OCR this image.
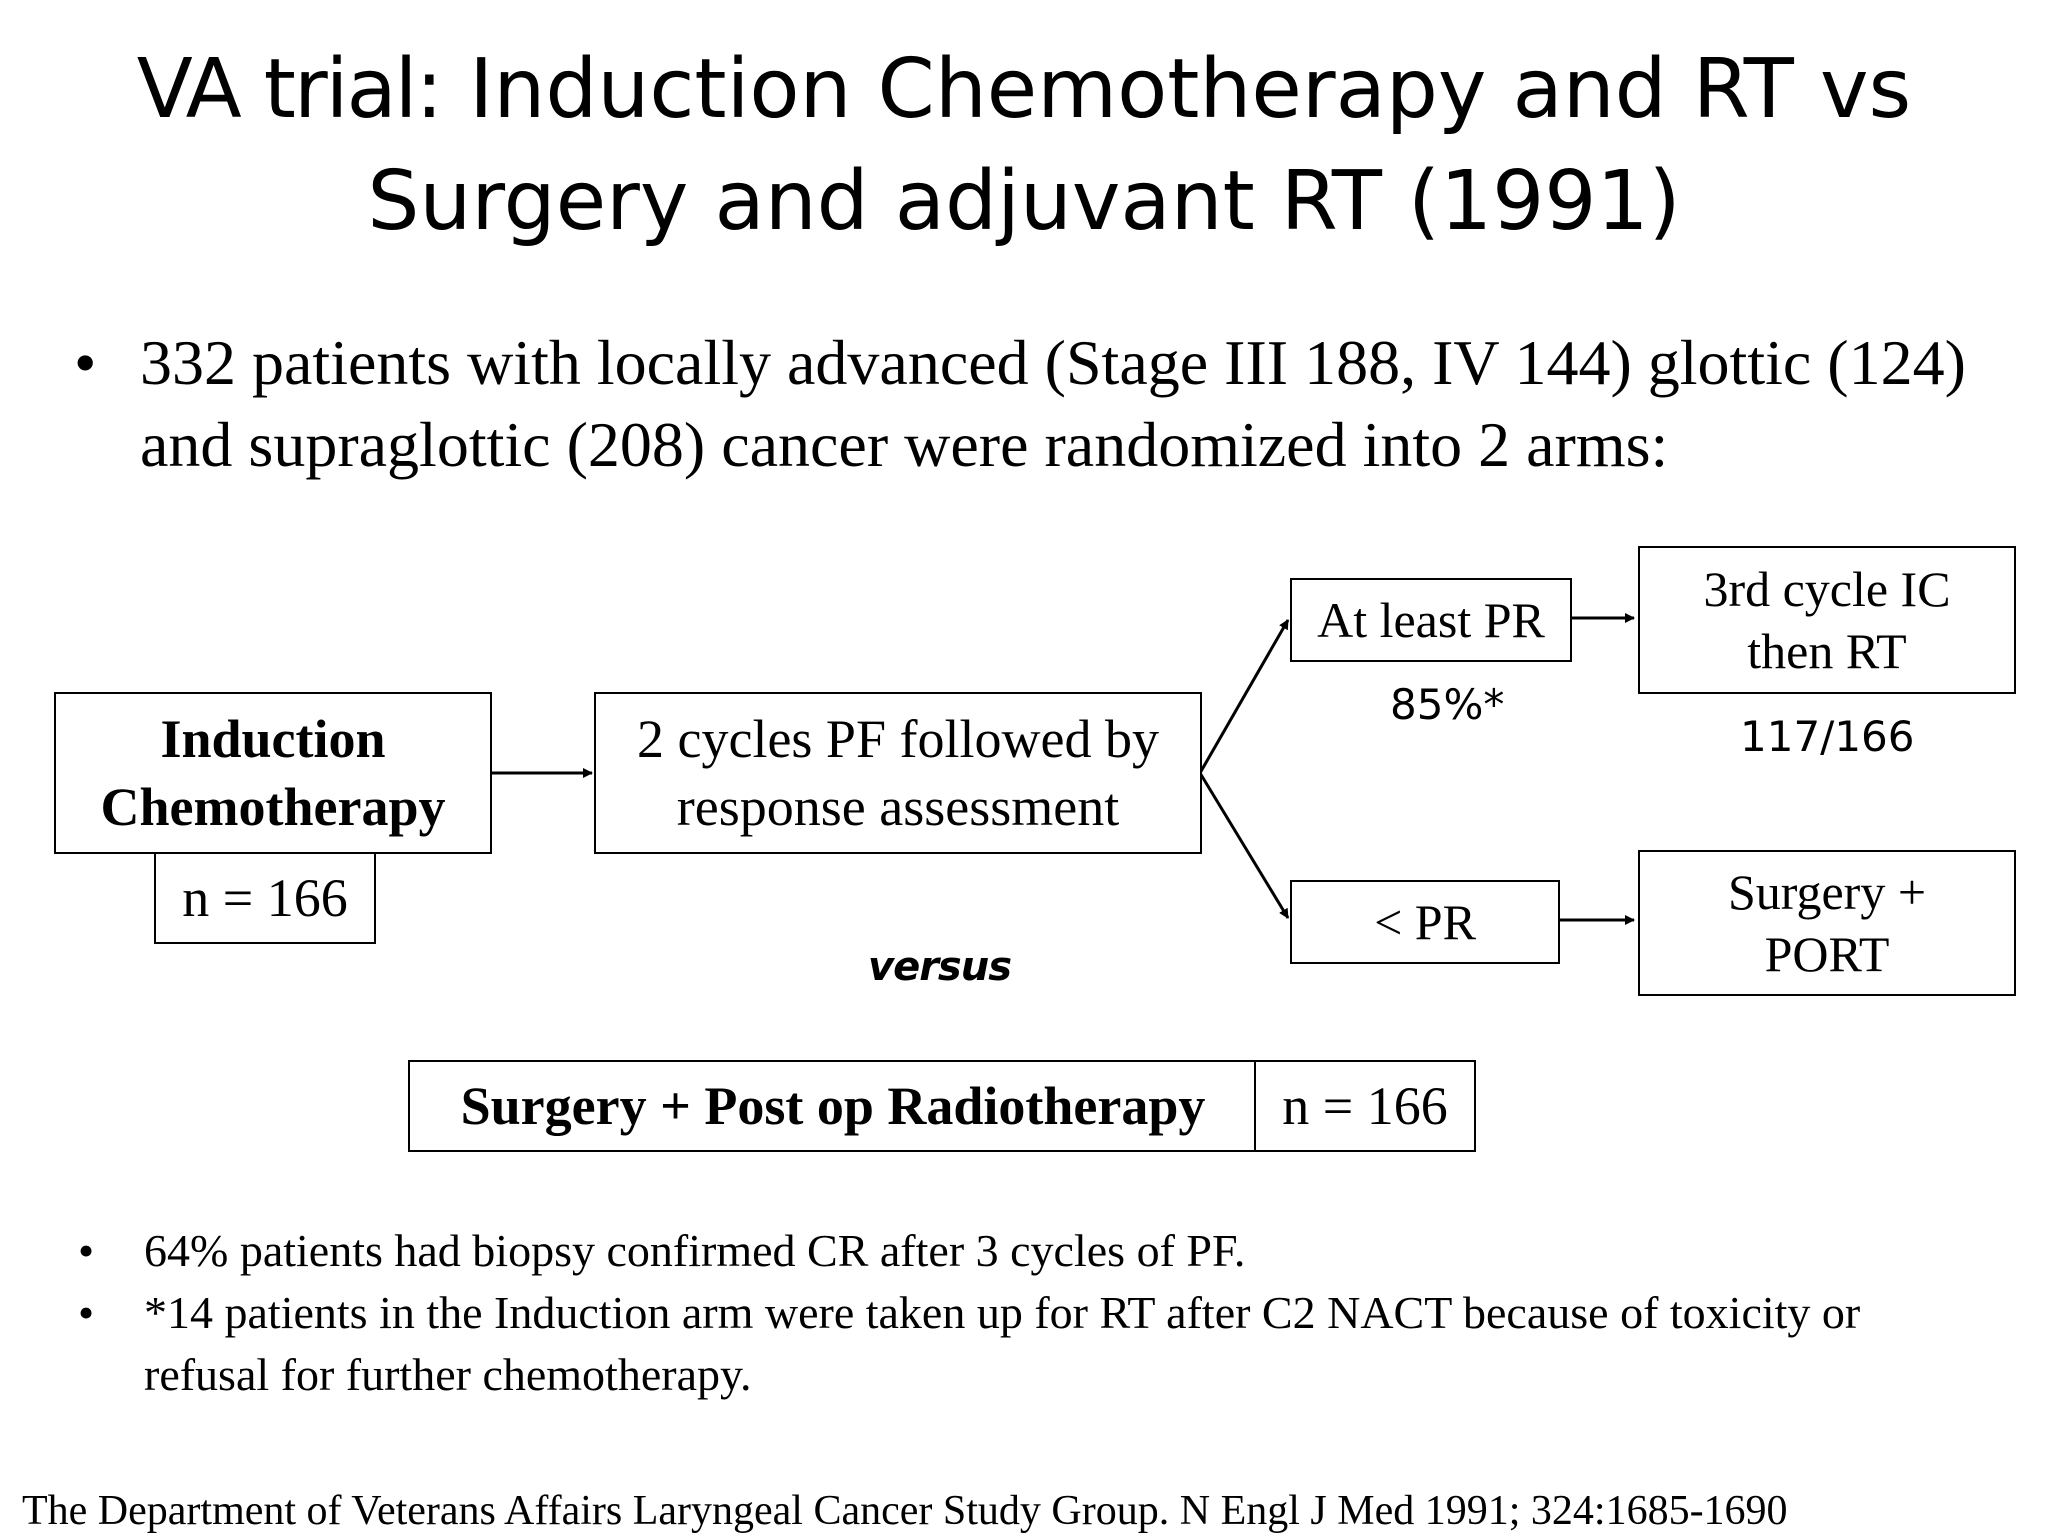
VA trial: Induction Chemotherapy and RT vs
Surgery and adjuvant RT (1991)
• 332 patients with locally advanced (Stage III 188, IV 144) glottic (124) and supraglottic (208) cancer were randomized into 2 arms:
Induction Chemotherapy
n = 166
2 cycles PF followed by response assessment
At least PR
85%*
< PR
3rd cycle IC then RT
117/166
Surgery + PORT
versus
Surgery + Post op Radiotherapy n = 166
• 64% patients had biopsy confirmed CR after 3 cycles of PF.
• *14 patients in the Induction arm were taken up for RT after C2 NACT because of toxicity or refusal for further chemotherapy.
The Department of Veterans Affairs Laryngeal Cancer Study Group. N Engl J Med 1991; 324:1685-1690
